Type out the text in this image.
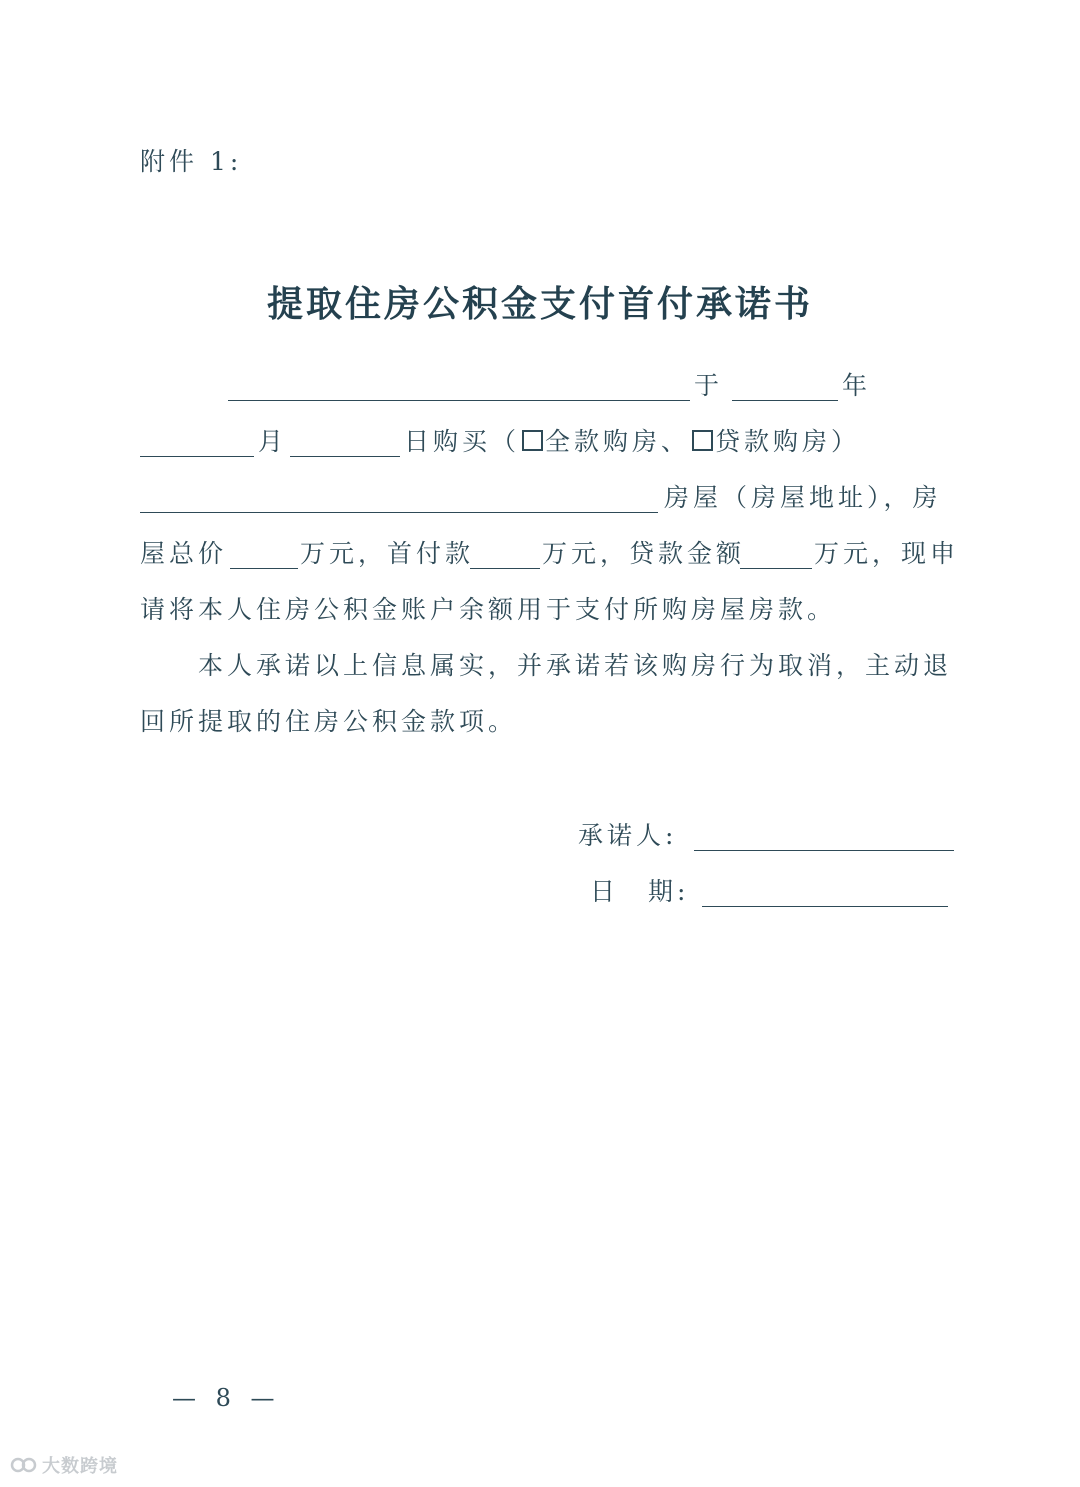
附件 1:
提取住房公积金支付首付承诺书
于	年
月	日购买（ 全款购房、 贷款购房）
房屋（房屋地址），房
屋总价	万元，首付款	万元，贷款金额	万元，现申
请将本人住房公积金账户余额用于支付所购房屋房款。
本人承诺以上信息属实，并承诺若该购房行为取消，主动退
回所提取的住房公积金款项。
承诺人:
日　期:
— 8 —
大数跨境
